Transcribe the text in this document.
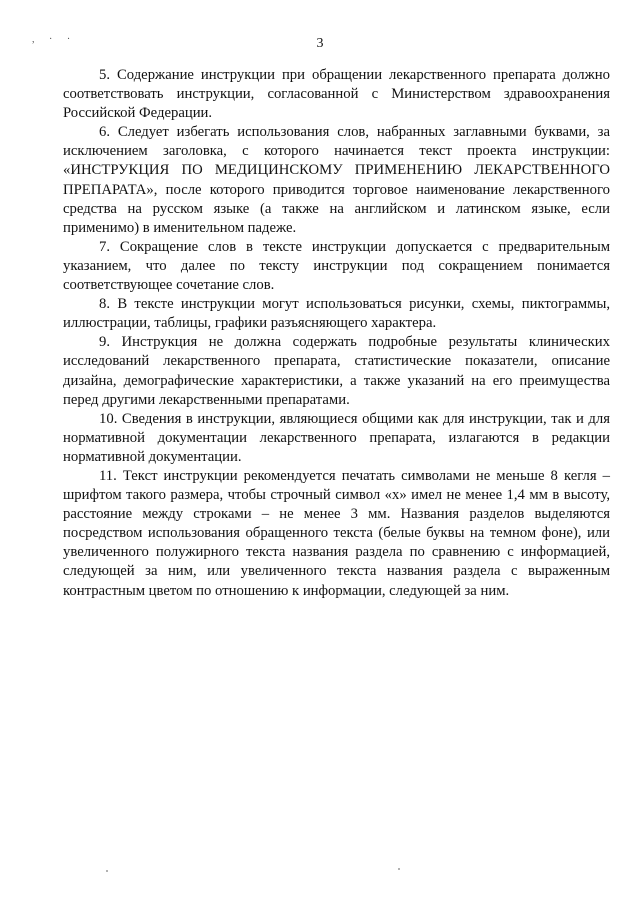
, · ·	3

5. Содержание инструкции при обращении лекарственного препарата должно соответствовать инструкции, согласованной с Министерством здравоохранения Российской Федерации.

6. Следует избегать использования слов, набранных заглавными буквами, за исключением заголовка, с которого начинается текст проекта инструкции: «ИНСТРУКЦИЯ ПО МЕДИЦИНСКОМУ ПРИМЕНЕНИЮ ЛЕКАРСТВЕННОГО ПРЕПАРАТА», после которого приводится торговое наименование лекарственного средства на русском языке (а также на английском и латинском языке, если применимо) в именительном падеже.

7. Сокращение слов в тексте инструкции допускается с предварительным указанием, что далее по тексту инструкции под сокращением понимается соответствующее сочетание слов.

8. В тексте инструкции могут использоваться рисунки, схемы, пиктограммы, иллюстрации, таблицы, графики разъясняющего характера.

9. Инструкция не должна содержать подробные результаты клинических исследований лекарственного препарата, статистические показатели, описание дизайна, демографические характеристики, а также указаний на его преимущества перед другими лекарственными препаратами.

10. Сведения в инструкции, являющиеся общими как для инструкции, так и для нормативной документации лекарственного препарата, излагаются в редакции нормативной документации.

11. Текст инструкции рекомендуется печатать символами не меньше 8 кегля – шрифтом такого размера, чтобы строчный символ «х» имел не менее 1,4 мм в высоту, расстояние между строками – не менее 3 мм. Названия разделов выделяются посредством использования обращенного текста (белые буквы на темном фоне), или увеличенного полужирного текста названия раздела по сравнению с информацией, следующей за ним, или увеличенного текста названия раздела с выраженным контрастным цветом по отношению к информации, следующей за ним.
